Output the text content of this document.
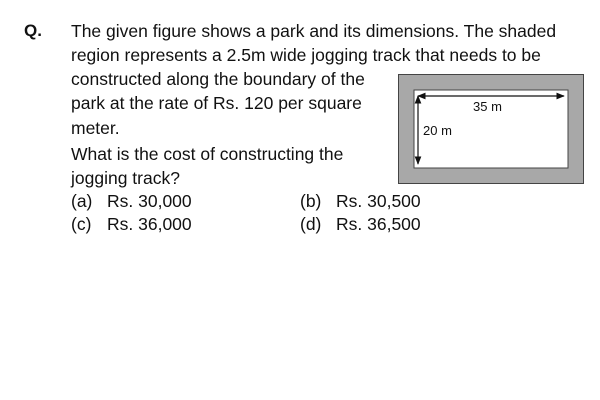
Q. The given figure shows a park and its dimensions. The shaded
region represents a 2.5m wide jogging track that needs to be
constructed along the boundary of the
park at the rate of Rs. 120 per square
meter.
What is the cost of constructing the
jogging track?
(a) Rs. 30,000	(b) Rs. 30,500
(c) Rs. 36,000	(d) Rs. 36,500
35 m
20 m
